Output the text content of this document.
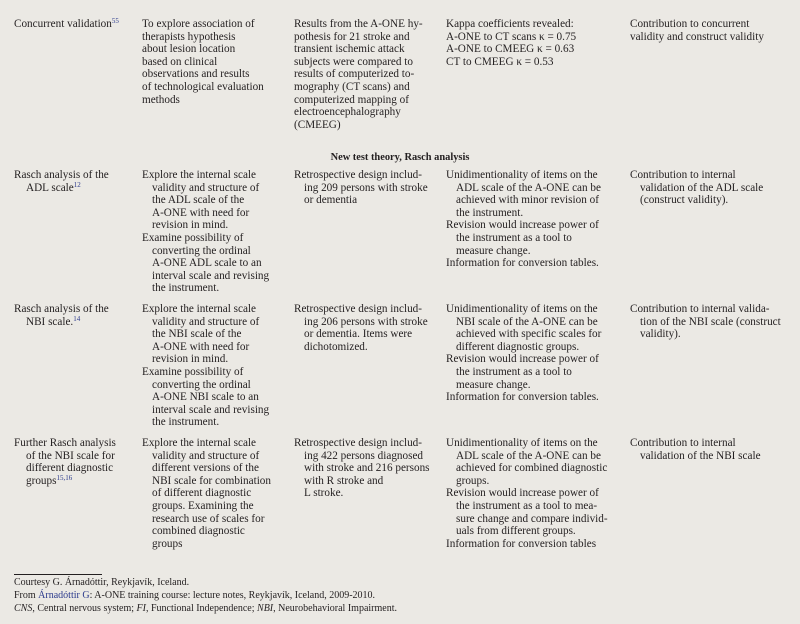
Concurrent validation$^{55}$	To explore association of
therapists hypothesis
about lesion location
based on clinical
observations and results
of technological evaluation
methods
Results from the A-ONE hy-
pothesis for 21 stroke and
transient ischemic attack
subjects were compared to
results of computerized to-
mography (CT scans) and
computerized mapping of
electroencephalography
(CMEEG)
Kappa coefficients revealed:
A-ONE to CT scans κ = 0.75
A-ONE to CMEEG κ = 0.63
CT to CMEEG κ = 0.53
Contribution to concurrent
validity and construct validity
New test theory, Rasch analysis
Rasch analysis of the
ADL scale$^{12}$
Explore the internal scale
validity and structure of
the ADL scale of the
A-ONE with need for
revision in mind.
Examine possibility of
converting the ordinal
A-ONE ADL scale to an
interval scale and revising
the instrument.
Retrospective design includ-
ing 209 persons with stroke
or dementia
Unidimentionality of items on the
ADL scale of the A-ONE can be
achieved with minor revision of
the instrument.
Revision would increase power of
the instrument as a tool to
measure change.
Information for conversion tables.
Contribution to internal
validation of the ADL scale
(construct validity).
Rasch analysis of the
NBI scale.$^{14}$
Explore the internal scale
validity and structure of
the NBI scale of the
A-ONE with need for
revision in mind.
Examine possibility of
converting the ordinal
A-ONE NBI scale to an
interval scale and revising
the instrument.
Retrospective design includ-
ing 206 persons with stroke
or dementia. Items were
dichotomized.
Unidimentionality of items on the
NBI scale of the A-ONE can be
achieved with specific scales for
different diagnostic groups.
Revision would increase power of
the instrument as a tool to
measure change.
Information for conversion tables.
Contribution to internal valida-
tion of the NBI scale (construct
validity).
Further Rasch analysis
of the NBI scale for
different diagnostic
groups$^{15,16}$
Explore the internal scale
validity and structure of
different versions of the
NBI scale for combination
of different diagnostic
groups. Examining the
research use of scales for
combined diagnostic
groups
Retrospective design includ-
ing 422 persons diagnosed
with stroke and 216 persons
with R stroke and
L stroke.
Unidimentionality of items on the
ADL scale of the A-ONE can be
achieved for combined diagnostic
groups.
Revision would increase power of
the instrument as a tool to mea-
sure change and compare individ-
uals from different groups.
Information for conversion tables
Contribution to internal
validation of the NBI scale
Courtesy G. Árnadóttir, Reykjavík, Iceland.
From Árnadóttir G: A-ONE training course: lecture notes, Reykjavík, Iceland, 2009-2010.
CNS, Central nervous system; FI, Functional Independence; NBI, Neurobehavioral Impairment.
